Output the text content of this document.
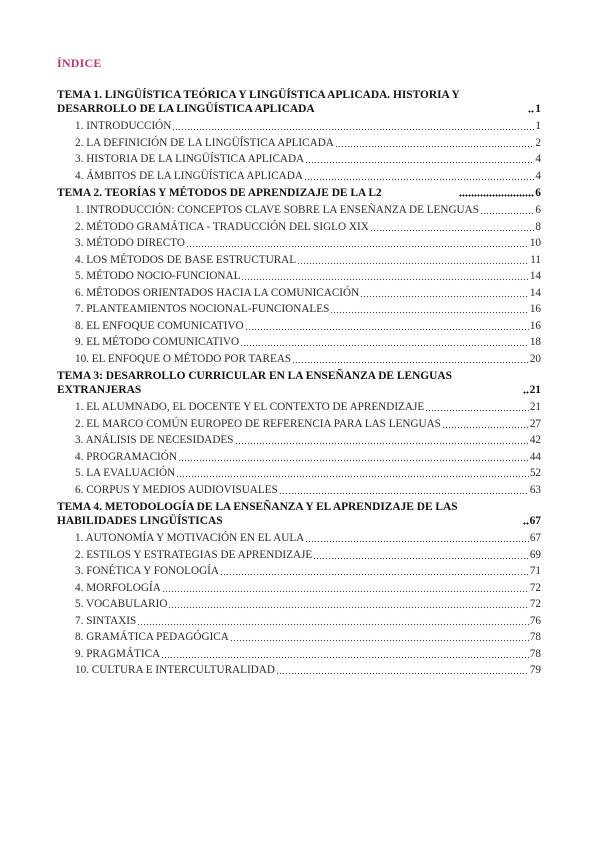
ÍNDICE
TEMA 1. LINGÜÍSTICA TEÓRICA Y LINGÜÍSTICA APLICADA. HISTORIA Y DESARROLLO DE LA LINGÜÍSTICA APLICADA	1
1. INTRODUCCIÓN	1
2. LA DEFINICIÓN DE LA LINGÜÍSTICA APLICADA	2
3. HISTORIA DE LA LINGÜÍSTICA APLICADA	4
4. ÁMBITOS DE LA LINGÜÍSTICA APLICADA	4
TEMA 2. TEORÍAS Y MÉTODOS DE APRENDIZAJE DE LA L2	6
1. INTRODUCCIÓN: CONCEPTOS CLAVE SOBRE LA ENSEÑANZA DE LENGUAS	6
2. MÉTODO GRAMÁTICA - TRADUCCIÓN DEL SIGLO XIX	8
3. MÉTODO DIRECTO	10
4. LOS MÉTODOS DE BASE ESTRUCTURAL	11
5. MÉTODO NOCIO-FUNCIONAL	14
6. MÉTODOS ORIENTADOS HACIA LA COMUNICACIÓN	14
7. PLANTEAMIENTOS NOCIONAL-FUNCIONALES	16
8. EL ENFOQUE COMUNICATIVO	16
9. EL MÉTODO COMUNICATIVO	18
10. EL ENFOQUE O MÉTODO POR TAREAS	20
TEMA 3: DESARROLLO CURRICULAR EN LA ENSEÑANZA DE LENGUAS EXTRANJERAS	21
1. EL ALUMNADO, EL DOCENTE Y EL CONTEXTO DE APRENDIZAJE	21
2. EL MARCO COMÚN EUROPEO DE REFERENCIA PARA LAS LENGUAS	27
3. ANÁLISIS DE NECESIDADES	42
4. PROGRAMACIÓN	44
5. LA EVALUACIÓN	52
6. CORPUS Y MEDIOS AUDIOVISUALES	63
TEMA 4. METODOLOGÍA DE LA ENSEÑANZA Y EL APRENDIZAJE DE LAS HABILIDADES LINGÜÍSTICAS	67
1. AUTONOMÍA Y MOTIVACIÓN EN EL AULA	67
2. ESTILOS Y ESTRATEGIAS DE APRENDIZAJE	69
3. FONÉTICA Y FONOLOGÍA	71
4. MORFOLOGÍA	72
5. VOCABULARIO	72
7. SINTAXIS	76
8. GRAMÁTICA PEDAGÓGICA	78
9. PRAGMÁTICA	78
10. CULTURA E INTERCULTURALIDAD	79
